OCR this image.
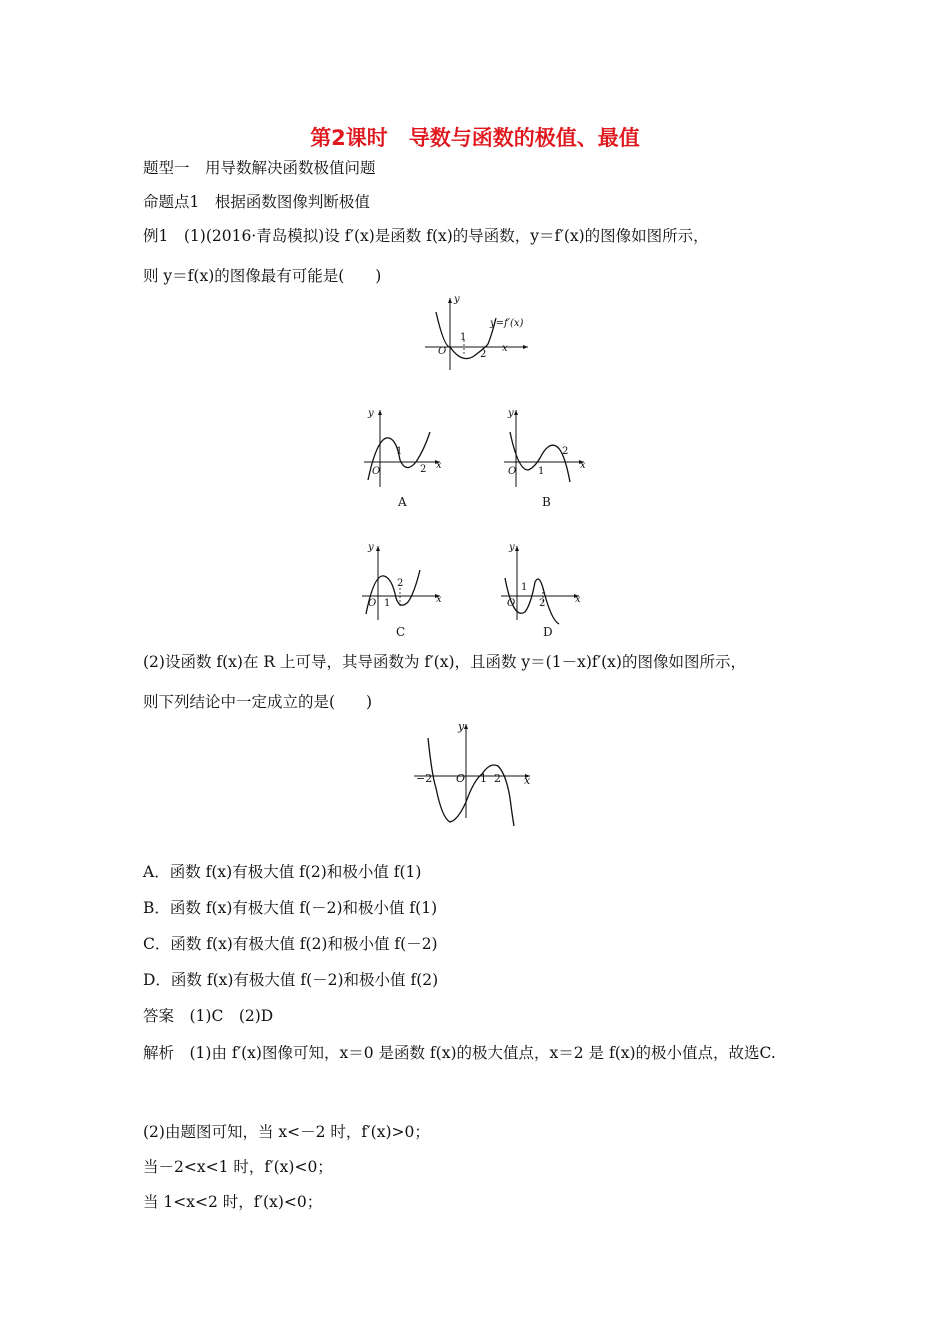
第2课时　导数与函数的极值、最值
题型一　用导数解决函数极值问题
命题点1　根据函数图像判断极值
例1　(1)(2016·青岛模拟)设 f′(x)是函数 f(x)的导函数，y＝f′(x)的图像如图所示，
则 y＝f(x)的图像最有可能是(　　)
y
x
O
1
2
y=f′(x)
y
x
O
1
2
A
y
x
O 1
2
B
y
x
O 1
2
C
y
x
O
1
2
D
(2)设函数 f(x)在 R 上可导，其导函数为 f′(x)，且函数 y＝(1－x)f′(x)的图像如图所示，
则下列结论中一定成立的是(　　)
−2 O 1 2 x
y
A．函数 f(x)有极大值 f(2)和极小值 f(1)
B．函数 f(x)有极大值 f(－2)和极小值 f(1)
C．函数 f(x)有极大值 f(2)和极小值 f(－2)
D．函数 f(x)有极大值 f(－2)和极小值 f(2)
答案　(1)C　(2)D
解析　(1)由 f′(x)图像可知，x＝0 是函数 f(x)的极大值点，x＝2 是 f(x)的极小值点，故选C.
(2)由题图可知，当 x<－2 时，f′(x)>0；
当－2<x<1 时，f′(x)<0；
当 1<x<2 时，f′(x)<0；
